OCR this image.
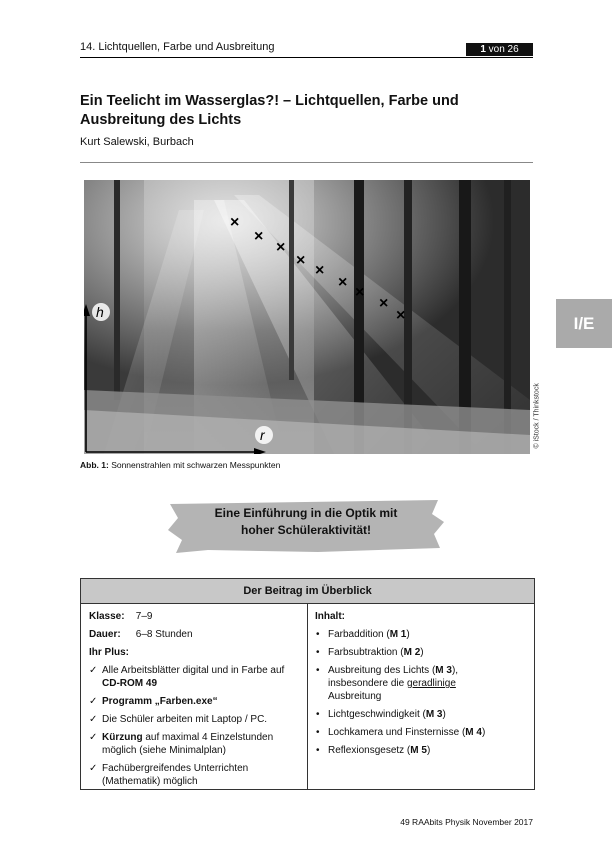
14. Lichtquellen, Farbe und Ausbreitung	1 von 26
Ein Teelicht im Wasserglas?! – Lichtquellen, Farbe und Ausbreitung des Lichts
Kurt Salewski, Burbach
×
×
×
×
×
×
×
×
×
h
r	© iStock / Thinkstock
Abb. 1: Sonnenstrahlen mit schwarzen Messpunkten
I/E
Eine Einführung in die Optik mit
hoher Schüleraktivität!
Der Beitrag im Überblick
Klasse: 7–9
Dauer: 6–8 Stunden
Ihr Plus:
✓ Alle Arbeitsblätter digital und in Farbe auf CD-ROM 49
✓ Programm „Farben.exe“
✓ Die Schüler arbeiten mit Laptop / PC.
✓ Kürzung auf maximal 4 Einzelstunden möglich (siehe Minimalplan)
✓ Fachübergreifendes Unterrichten (Mathematik) möglich
Inhalt:
• Farbaddition (M 1)
• Farbsubtraktion (M 2)
• Ausbreitung des Lichts (M 3),
insbesondere die geradlinige
Ausbreitung
• Lichtgeschwindigkeit (M 3)
• Lochkamera und Finsternisse (M 4)
• Reflexionsgesetz (M 5)
49 RAAbits Physik November 2017
